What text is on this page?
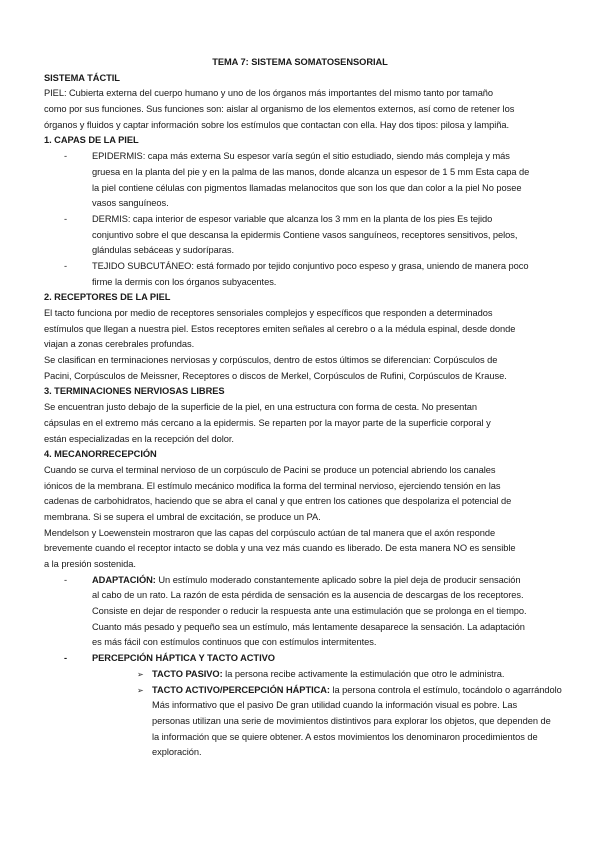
TEMA 7: SISTEMA SOMATOSENSORIAL
SISTEMA TÁCTIL
PIEL: Cubierta externa del cuerpo humano y uno de los órganos más importantes del mismo tanto por tamaño
como por sus funciones. Sus funciones son: aislar al organismo de los elementos externos, así como de retener los
órganos y fluidos y captar información sobre los estímulos que contactan con ella. Hay dos tipos: pilosa y lampiña.
1. CAPAS DE LA PIEL
-	EPIDERMIS: capa más externa Su espesor varía según el sitio estudiado, siendo más compleja y más
gruesa en la planta del pie y en la palma de las manos, donde alcanza un espesor de 1 5 mm Esta capa de
la piel contiene células con pigmentos llamadas melanocitos que son los que dan color a la piel No posee
vasos sanguíneos.
-	DERMIS: capa interior de espesor variable que alcanza los 3 mm en la planta de los pies Es tejido
conjuntivo sobre el que descansa la epidermis Contiene vasos sanguíneos, receptores sensitivos, pelos,
glándulas sebáceas y sudoríparas.
-	TEJIDO SUBCUTÁNEO: está formado por tejido conjuntivo poco espeso y grasa, uniendo de manera poco
firme la dermis con los órganos subyacentes.
2. RECEPTORES DE LA PIEL
El tacto funciona por medio de receptores sensoriales complejos y específicos que responden a determinados
estímulos que llegan a nuestra piel. Estos receptores emiten señales al cerebro o a la médula espinal, desde donde
viajan a zonas cerebrales profundas.
Se clasifican en terminaciones nerviosas y corpúsculos, dentro de estos últimos se diferencian: Corpúsculos de
Pacini, Corpúsculos de Meissner, Receptores o discos de Merkel, Corpúsculos de Rufini, Corpúsculos de Krause.
3. TERMINACIONES NERVIOSAS LIBRES
Se encuentran justo debajo de la superficie de la piel, en una estructura con forma de cesta. No presentan
cápsulas en el extremo más cercano a la epidermis. Se reparten por la mayor parte de la superficie corporal y
están especializadas en la recepción del dolor.
4. MECANORRECEPCIÓN
Cuando se curva el terminal nervioso de un corpúsculo de Pacini se produce un potencial abriendo los canales
iónicos de la membrana. El estímulo mecánico modifica la forma del terminal nervioso, ejerciendo tensión en las
cadenas de carbohidratos, haciendo que se abra el canal y que entren los cationes que despolariza el potencial de
membrana. Si se supera el umbral de excitación, se produce un PA.
Mendelson y Loewenstein mostraron que las capas del corpúsculo actúan de tal manera que el axón responde
brevemente cuando el receptor intacto se dobla y una vez más cuando es liberado. De esta manera NO es sensible
a la presión sostenida.
-	ADAPTACIÓN: Un estímulo moderado constantemente aplicado sobre la piel deja de producir sensación
al cabo de un rato. La razón de esta pérdida de sensación es la ausencia de descargas de los receptores.
Consiste en dejar de responder o reducir la respuesta ante una estimulación que se prolonga en el tiempo.
Cuanto más pesado y pequeño sea un estímulo, más lentamente desaparece la sensación. La adaptación
es más fácil con estímulos continuos que con estímulos intermitentes.
-	PERCEPCIÓN HÁPTICA Y TACTO ACTIVO
➢ TACTO PASIVO: la persona recibe activamente la estimulación que otro le administra.
➢ TACTO ACTIVO/PERCEPCIÓN HÁPTICA: la persona controla el estímulo, tocándolo o agarrándolo
Más informativo que el pasivo De gran utilidad cuando la información visual es pobre. Las
personas utilizan una serie de movimientos distintivos para explorar los objetos, que dependen de
la información que se quiere obtener. A estos movimientos los denominaron procedimientos de
exploración.
